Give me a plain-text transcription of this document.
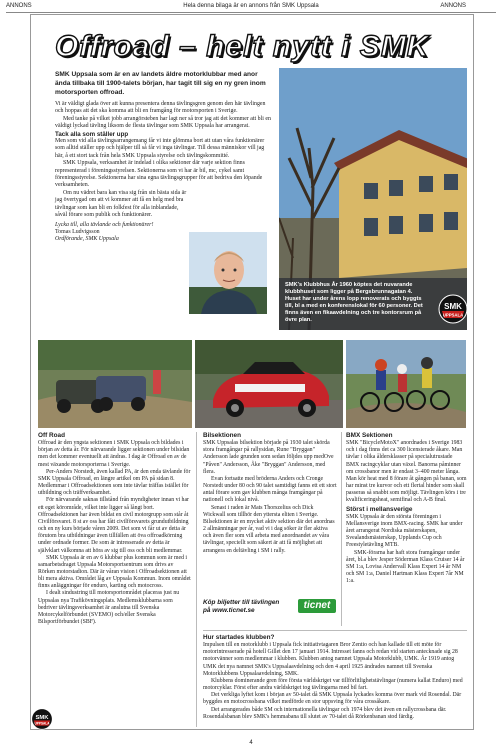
ANNONS	Hela denna bilaga är en annons från SMK Uppsala	ANNONS
Offroad – helt nytt i SMK
SMK Uppsala som är en av landets äldre motorklubbar med anor ända tillbaka till 1900-talets början, har tagit till sig en ny gren inom motorsporten offroad.

Vi är väldigt glada över att kunna presentera denna tävlingsgren genom den här tävlingen och hoppas att det ska komma att bli en framgång för motorsporten i Sverige.

Med tanke på vilket jobb arrangörsteben har lagt ner så tror jag att det kommer att bli en väldigt lyckad tävling liksom de flesta tävlingar som SMK Uppsala har arrangerat.

Tack alla som ställer upp

Men som vid alla tävlingsarrangemang får vi inte glömma bort att utan våra funktionärer som alltid ställer upp och hjälper till så får vi inga tävlingar. Till dessa människor vill jag här, å ett stort tack från hela SMK Uppsala styrelse och tävlingskommitté.

SMK Uppsala, verksamhet är indelad i olika sektioner där varje sektion finns representerad i föreningsstyrelsen. Sektionerna som vi har är bil, mc, cykel samt föreningsstyrelse. Sektionerna har sina egna tävlingsgrupper för att bedriva den löpande verksamheten.

Om nu vädret bara kan visa sig från sin bästa sida är jag övertygad om att vi kommer att få en helg med bra tävlingar som kan bli en folkfest för alla inblandade, såväl förare som publik och funktionärer.

Lycka till, alla tävlande och funktionärer!

Tomas Ludvigsson

Ordförande, SMK Uppsala

SMK's Klubbhus År 1960 köptes det nuvarande klubbhuset som ligger på Bergsbrunnagatan 4. Huset har under årens lopp renoverats och byggts till, bl a med en konferenslokal för 60 personer. Det finns även en fikaavdelning och tre kontorsrum på övre plan.
SMK
UPPSALA
Off Road

Offroad är den yngsta sektionen i SMK Uppsala och bildades i början av detta år. För närvarande ligger sektionen under bilsidan men det kommer eventuellt att ändras. I dag är Offroad en av de mest växande motorsporterna i Sverige.

Per-Anders Norstedt, även kallad PA, är den enda tävlande för SMK Uppsala Offroad, en längre artikel om PA på sidan 8. Medlemmar i Offroadsektionen som inte tävlar träffas istället för utbildning och träffverksamhet.

För närvarande saknas tillstånd från myndigheter innan vi har ett eget körområde, vilket inte ligger så långt bort. Offroadsektionen har även bildat en civil motorgrupp som står åt Civilförsvaret. 8 st av oss har fått civilförsvarets grundutbildning och en ny kurs började våren 2009. Det som vi får ut av detta är förutom bra utbildningar även tillfällen att öva offroadkörning under ordnade former. De som är intresserade av detta är självklart välkomna att höra av sig till oss och bli medlemmar.

SMK Uppsala är en av 6 klubbar plus kommun som är med i samarbetsdraget Uppsala Motorsportsentrum som drivs av Rörken motorstadion. Där är våran vision i Offroadsektionen att bli mera aktiva. Området låg av Uppsala Kommun. Inom området finns anläggningar för enduro, karting och motocross.

I dealt sindustring till motorsportområdet placeras just nu Uppsalas nya Trafikövningsplats. Medlemsklubbarna som bedriver tävlingsverksamhet är anslutna till Svenska Motorcykelförbundet (SVEMO) och/eller Svenska Bilsportförbundet (SBF).

Bilsektionen

SMK Uppsalas bilsektion började på 1930 talet skörda stora framgångar på rallysidan, Rune "Bryggan" Andersson lade grunden som sedan följdes upp medOve "Påven" Andersson, Åke "Bryggan" Andersson, med flera.

Evan fortsatte med bröderna Anders och Cronge Norstedt under 80 och 90 talet samtidigt fanns ett ett stort antal förare som gav klubben många framgångar på nationell och lokal nivå.

Senast i raden är Mats Thorszelius och Dick Wickwall som tillhör den yttersta eliten i Sverige. Bilsektionen är en mycket aktiv sektion där det anordnas 2 allmänningar per år, vad vi i dag söker är fler aktiva och även fler som vill arbeta med anordnandet av våra tävlingar, speciellt som säkert är att få möjlighet att arrangera en deltävling i SM i rally.

Köp biljetter till tävlingen
på www.ticnet.se	ticnet
Hur startades klubben?

Impulsen till en motorklubb i Uppsala fick initiativtagaren Bror Zentio och han kallade till ett möte för motorintresserade på hotell Gillet den 17 januari 1914. Intresset fanns och redan vid starten antecknade sig 28 motorvänner som medlemmar i klubben. Klubben antog namnet Uppsala Motorklubb, UMK. År 1919 antog UMK det nya namnet SMK's Uppsalaavdelning och den 4 april 1925 ändrades namnet till Svenska Motorklubbens Uppsalaavdelning, SMK.

Klubbens dominerande gren före första världskriget var tillförlitlighetstävlingar (numera kallat Enduro) med motorcyklar. Först efter andra världskriget tog tävlingarna med bil fart.

Det verkliga lyftet kom i början av 50-talet då SMK Uppsala lyckades komma över mark vid Rosendal. Där byggdes en motocrossbana vilket medförde en stor uppsving för våra crossåkare.

Det arrangerades både SM och internationella tävlingar och 1974 blev det även en rallycrossbana där. Rosendalsbanan blev SMK's hemmabana till slutet av 70-talet då Rörkenbanan stod färdig.

BMX Sektionen

SMK "BicycleMotoX" anordnades i Sverige 1983 och i dag finns det ca 300 licensierade åkare. Man tävlar i olika åldersklasser på specialutrustade BMX racingcyklar utan växel. Banorna påminner om crossbanor men är endast 3–400 meter långa. Man kör heat med 8 förare åt gången på banan, som har minst tre kurvor och ett flertal hinder som skall passeras så snabbt som möjligt. Tävlingen körs i tre kvalificeringsheat, semifinal och A-B final.

Störst i mellansverige

SMK Uppsala är den största föreningen i Mellansverige inom BMX-racing. SMK har under året arrangerat Nordiska mästerskapen, Svealandsmästerskap, Upplands Cup och Freestyletävling MTB.

SMK-förarna har haft stora framgångar under året, bl.a blev Jesper Söderman Klass Cruiser 14 år SM 1:a, Lovisa Andervall Klass Expert 14 år NM och SM 1:a, Daniel Hartman Klass Expert 7år NM 1:a.

SMK
UPPSALA
4
